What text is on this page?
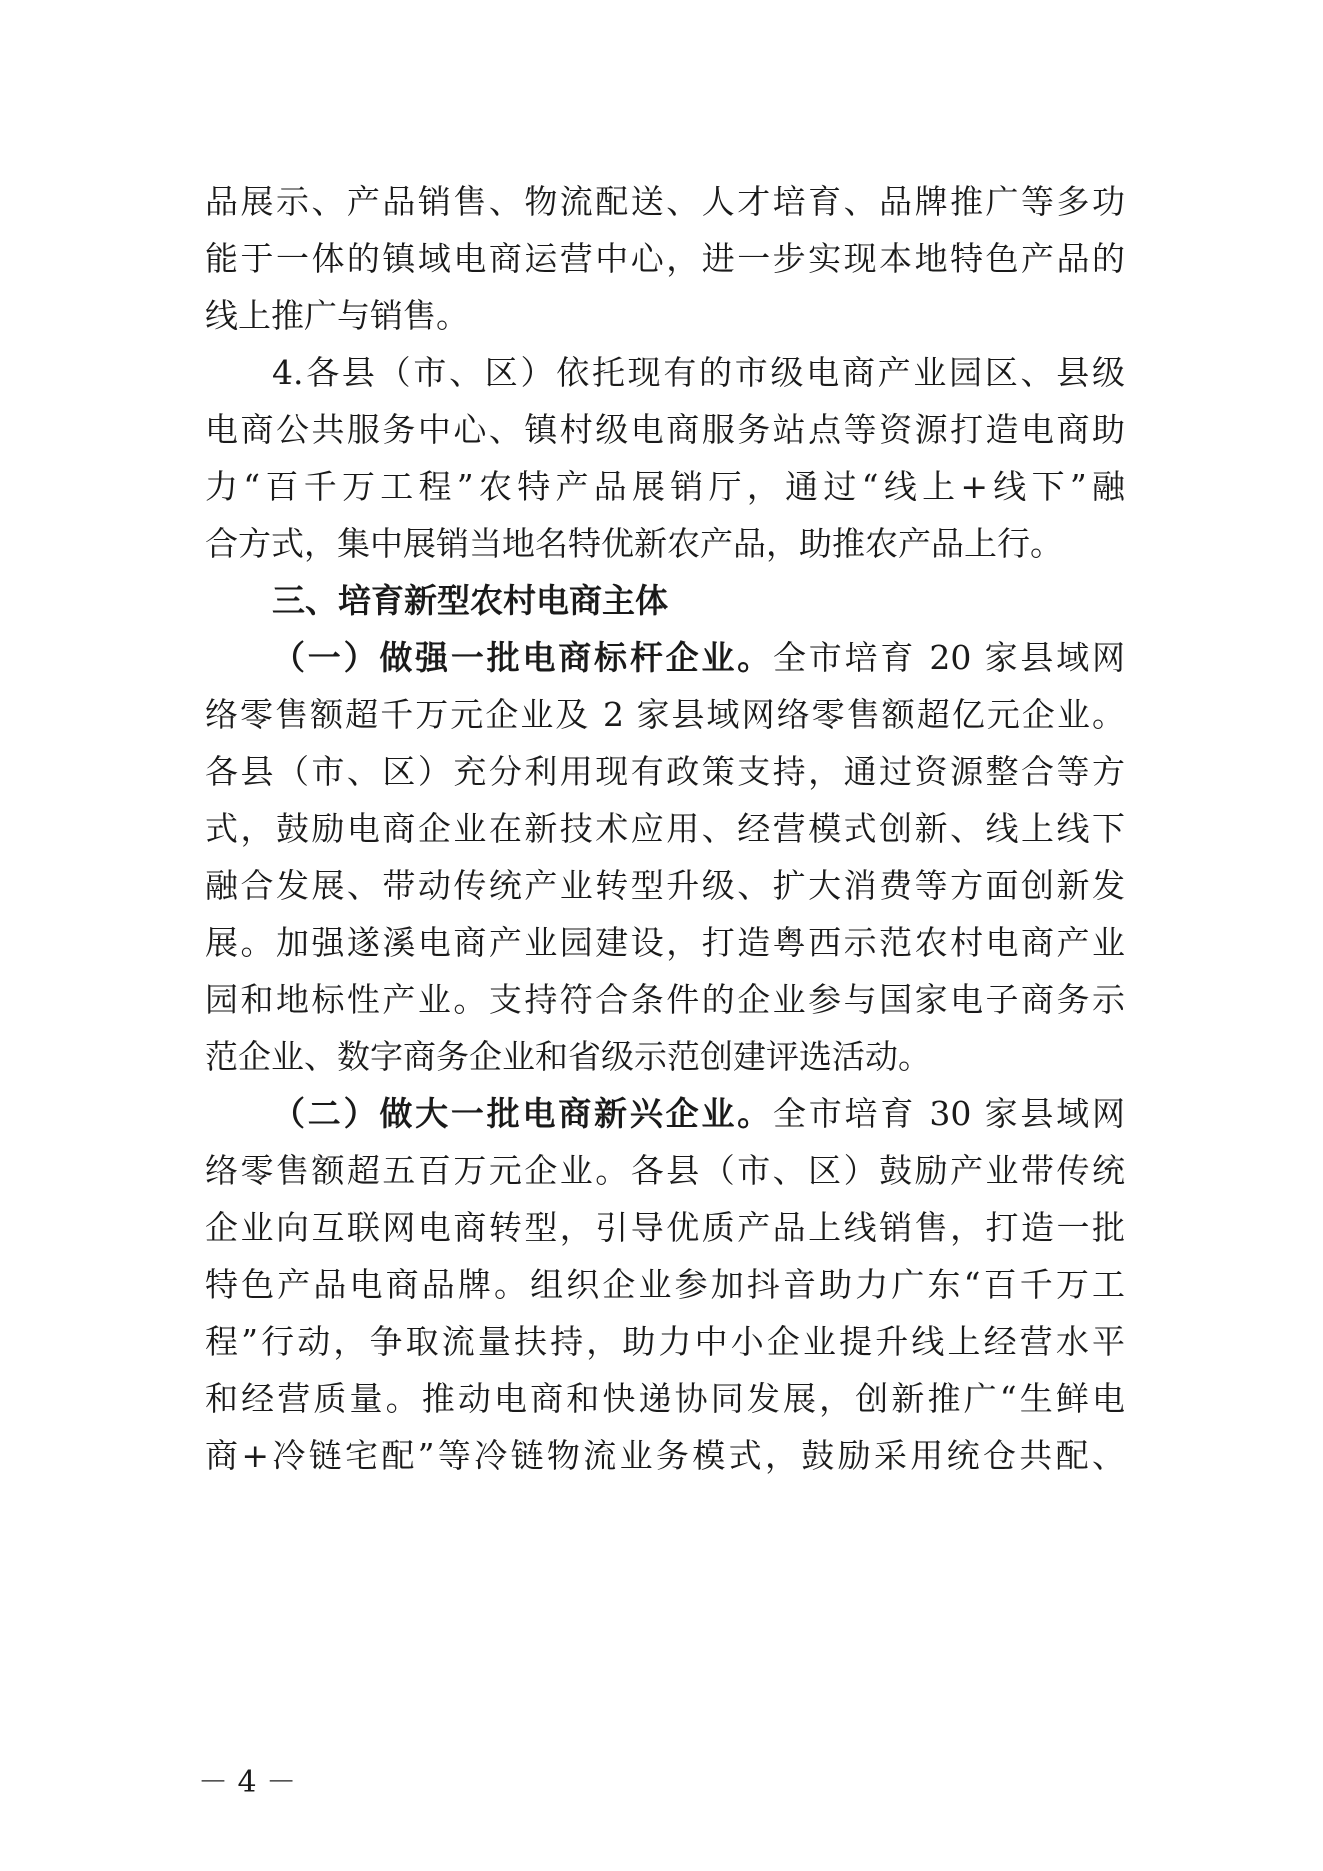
品展示、产品销售、物流配送、人才培育、品牌推广等多功
能于一体的镇域电商运营中心，进一步实现本地特色产品的
线上推广与销售。
4.各县（市、区）依托现有的市级电商产业园区、县级
电商公共服务中心、镇村级电商服务站点等资源打造电商助
力“百千万工程”农特产品展销厅，通过“线上+线下”融
合方式，集中展销当地名特优新农产品，助推农产品上行。
三、培育新型农村电商主体
（一）做强一批电商标杆企业。全市培育 20 家县域网
络零售额超千万元企业及 2 家县域网络零售额超亿元企业。
各县（市、区）充分利用现有政策支持，通过资源整合等方
式，鼓励电商企业在新技术应用、经营模式创新、线上线下
融合发展、带动传统产业转型升级、扩大消费等方面创新发
展。加强遂溪电商产业园建设，打造粤西示范农村电商产业
园和地标性产业。支持符合条件的企业参与国家电子商务示
范企业、数字商务企业和省级示范创建评选活动。
（二）做大一批电商新兴企业。全市培育 30 家县域网
络零售额超五百万元企业。各县（市、区）鼓励产业带传统
企业向互联网电商转型，引导优质产品上线销售，打造一批
特色产品电商品牌。组织企业参加抖音助力广东“百千万工
程”行动，争取流量扶持，助力中小企业提升线上经营水平
和经营质量。推动电商和快递协同发展，创新推广“生鲜电
商+冷链宅配”等冷链物流业务模式，鼓励采用统仓共配、
－ 4 －
